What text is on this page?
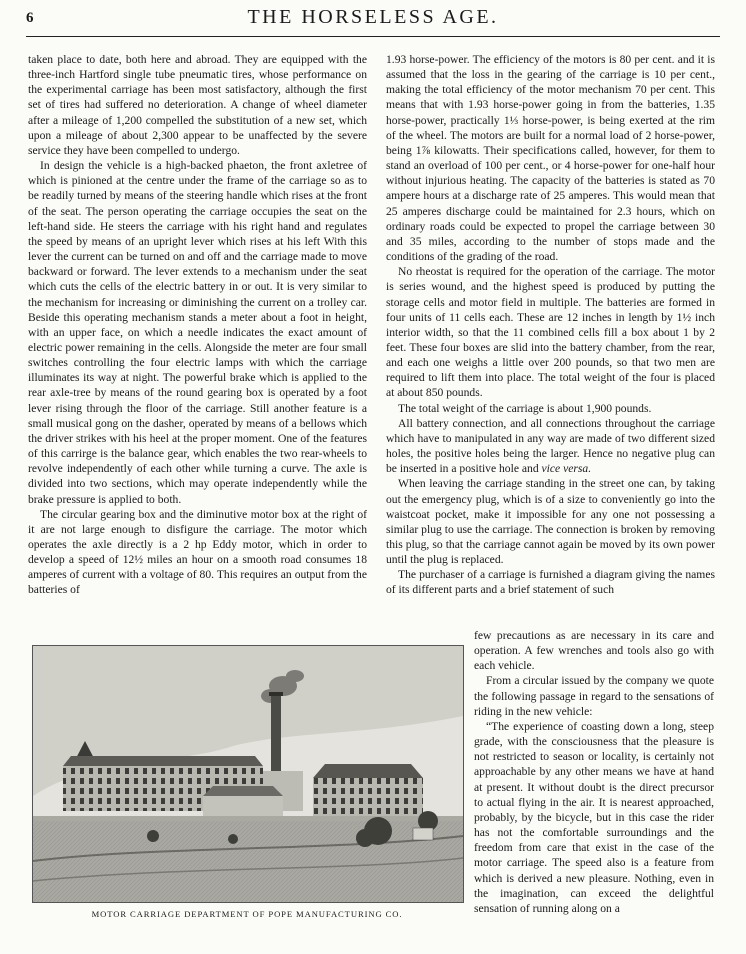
6	THE HORSELESS AGE.

taken place to date, both here and abroad. They are equipped with the three-inch Hartford single tube pneumatic tires, whose performance on the experimental carriage has been most satisfactory, although the first set of tires had suffered no deterioration. A change of wheel diameter after a mileage of 1,200 compelled the substitution of a new set, which upon a mileage of about 2,300 appear to be unaffected by the severe service they have been compelled to undergo.

In design the vehicle is a high-backed phaeton, the front axletree of which is pinioned at the centre under the frame of the carriage so as to be readily turned by means of the steering handle which rises at the front of the seat. The person operating the carriage occupies the seat on the left-hand side. He steers the carriage with his right hand and regulates the speed by means of an upright lever which rises at his left With this lever the current can be turned on and off and the carriage made to move backward or forward. The lever extends to a mechanism under the seat which cuts the cells of the electric battery in or out. It is very similar to the mechanism for increasing or diminishing the current on a trolley car. Beside this operating mechanism stands a meter about a foot in height, with an upper face, on which a needle indicates the exact amount of electric power remaining in the cells. Alongside the meter are four small switches controlling the four electric lamps with which the carriage illuminates its way at night. The powerful brake which is applied to the rear axle-tree by means of the round gearing box is operated by a foot lever rising through the floor of the carriage. Still another feature is a small musical gong on the dasher, operated by means of a bellows which the driver strikes with his heel at the proper moment. One of the features of this carrirge is the balance gear, which enables the two rear-wheels to revolve independently of each other while turning a curve. The axle is divided into two sections, which may operate independently while the brake pressure is applied to both.

The circular gearing box and the diminutive motor box at the right of it are not large enough to disfigure the carriage. The motor which operates the axle directly is a 2 hp Eddy motor, which in order to develop a speed of 12½ miles an hour on a smooth road consumes 18 amperes of current with a voltage of 80. This requires an output from the batteries of

1.93 horse-power. The efficiency of the motors is 80 per cent. and it is assumed that the loss in the gearing of the carriage is 10 per cent., making the total efficiency of the motor mechanism 70 per cent. This means that with 1.93 horse-power going in from the batteries, 1.35 horse-power, practically 1⅓ horse-power, is being exerted at the rim of the wheel. The motors are built for a normal load of 2 horse-power, being 1⅞ kilowatts. Their specifications called, however, for them to stand an overload of 100 per cent., or 4 horse-power for one-half hour without injurious heating. The capacity of the batteries is stated as 70 ampere hours at a discharge rate of 25 amperes. This would mean that 25 amperes discharge could be maintained for 2.3 hours, which on ordinary roads could be expected to propel the carriage between 30 and 35 miles, according to the number of stops made and the conditions of the grading of the road.

No rheostat is required for the operation of the carriage. The motor is series wound, and the highest speed is produced by putting the storage cells and motor field in multiple. The batteries are formed in four units of 11 cells each. These are 12 inches in length by 1½ inch interior width, so that the 11 combined cells fill a box about 1 by 2 feet. These four boxes are slid into the battery chamber, from the rear, and each one weighs a little over 200 pounds, so that two men are required to lift them into place. The total weight of the four is placed at about 850 pounds.

The total weight of the carriage is about 1,900 pounds.

All battery connection, and all connections throughout the carriage which have to manipulated in any way are made of two different sized holes, the positive holes being the larger. Hence no negative plug can be inserted in a positive hole and vice versa.

When leaving the carriage standing in the street one can, by taking out the emergency plug, which is of a size to conveniently go into the waistcoat pocket, make it impossible for any one not possessing a similar plug to use the carriage. The connection is broken by removing this plug, so that the carriage cannot again be moved by its own power until the plug is replaced.

The purchaser of a carriage is furnished a diagram giving the names of its different parts and a brief statement of such

few precautions as are necessary in its care and operation. A few wrenches and tools also go with each vehicle.

From a circular issued by the company we quote the following passage in regard to the sensations of riding in the new vehicle:

“The experience of coasting down a long, steep grade, with the consciousness that the pleasure is not restricted to season or locality, is certainly not approachable by any other means we have at hand at present. It without doubt is the direct precursor to actual flying in the air. It is nearest approached, probably, by the bicycle, but in this case the rider has not the comfortable surroundings and the freedom from care that exist in the case of the motor carriage. The speed also is a feature from which is derived a new pleasure. Nothing, even in the imagination, can exceed the delightful sensation of running along on a

MOTOR CARRIAGE DEPARTMENT OF POPE MANUFACTURING CO.
